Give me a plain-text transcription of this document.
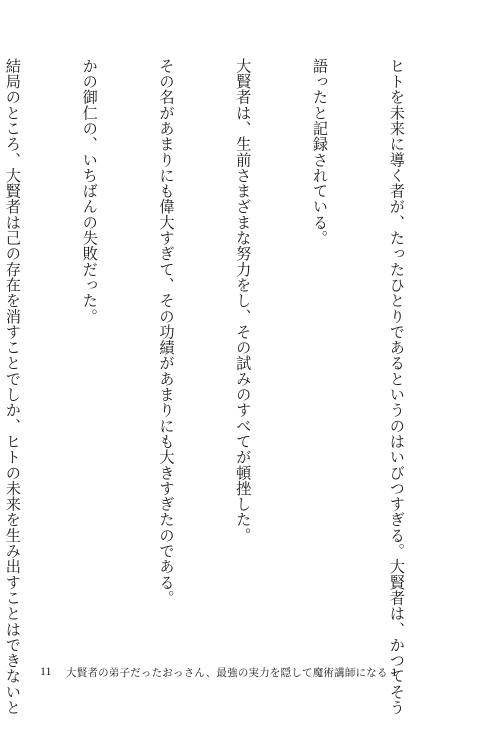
ヒトを未来に導く者が、たったひとりであるというのはいびつすぎる。大賢者は、かつてそう

語ったと記録されている。

大賢者は、生前さまざまな努力をし、その試みのすべてが頓挫した。

その名があまりにも偉大すぎて、その功績があまりにも大きすぎたのである。

かの御仁の、いちばんの失敗だった。

結局のところ、大賢者は己の存在を消すことでしか、ヒトの未来を生み出すことはできないと

11 大賢者の弟子だったおっさん、最強の実力を隠して魔術講師になる 1
